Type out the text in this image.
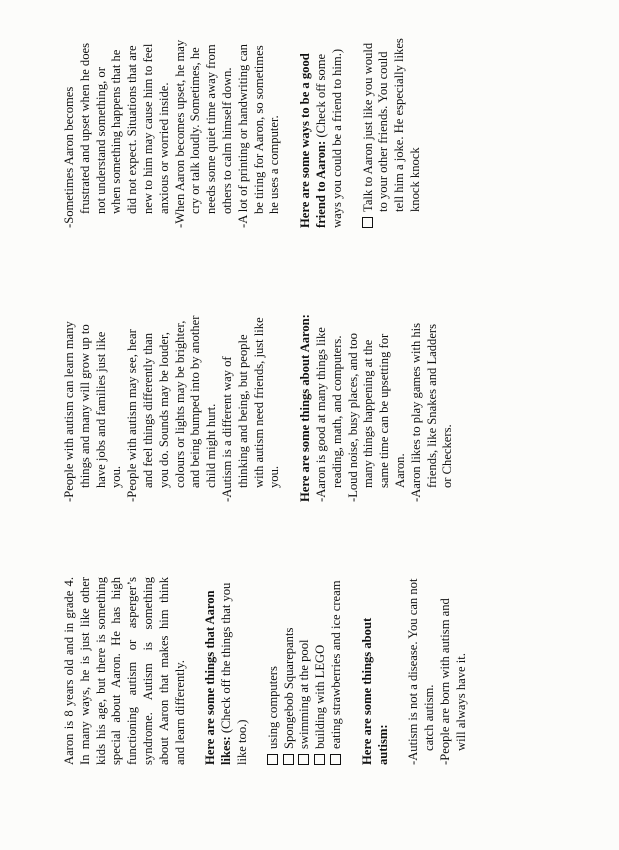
Aaron is 8 years old and in grade 4. In many ways, he is just like other kids his age, but there is something special about Aaron. He has high functioning autism or asperger’s syndrome. Autism is something about Aaron that makes him think and learn differently. Here are some things that Aaron likes: (Check off the things that you like too.) using computers Spongebob Squarepants swimming at the pool building with LEGO eating strawberries and ice cream Here are some things about autism: -Autism is not a disease. You can not catch autism. -People are born with autism and will always have it.

-People with autism can learn many things and many will grow up to have jobs and families just like you. -People with autism may see, hear and feel things differently than you do. Sounds may be louder, colours or lights may be brighter, and being bumped into by another child might hurt. -Autism is a different way of thinking and being, but people with autism need friends, just like you. Here are some things about Aaron: -Aaron is good at many things like reading, math, and computers. -Loud noise, busy places, and too many things happening at the same time can be upsetting for Aaron. -Aaron likes to play games with his friends, like Snakes and Ladders or Checkers.

-Sometimes Aaron becomes frustrated and upset when he does not understand something, or when something happens that he did not expect. Situations that are new to him may cause him to feel anxious or worried inside. -When Aaron becomes upset, he may cry or talk loudly. Sometimes, he needs some quiet time away from others to calm himself down. -A lot of printing or handwriting can be tiring for Aaron, so sometimes he uses a computer. Here are some ways to be a good friend to Aaron: (Check off some ways you could be a friend to him.) Talk to Aaron just like you would to your other friends. You could tell him a joke. He especially likes knock knock
